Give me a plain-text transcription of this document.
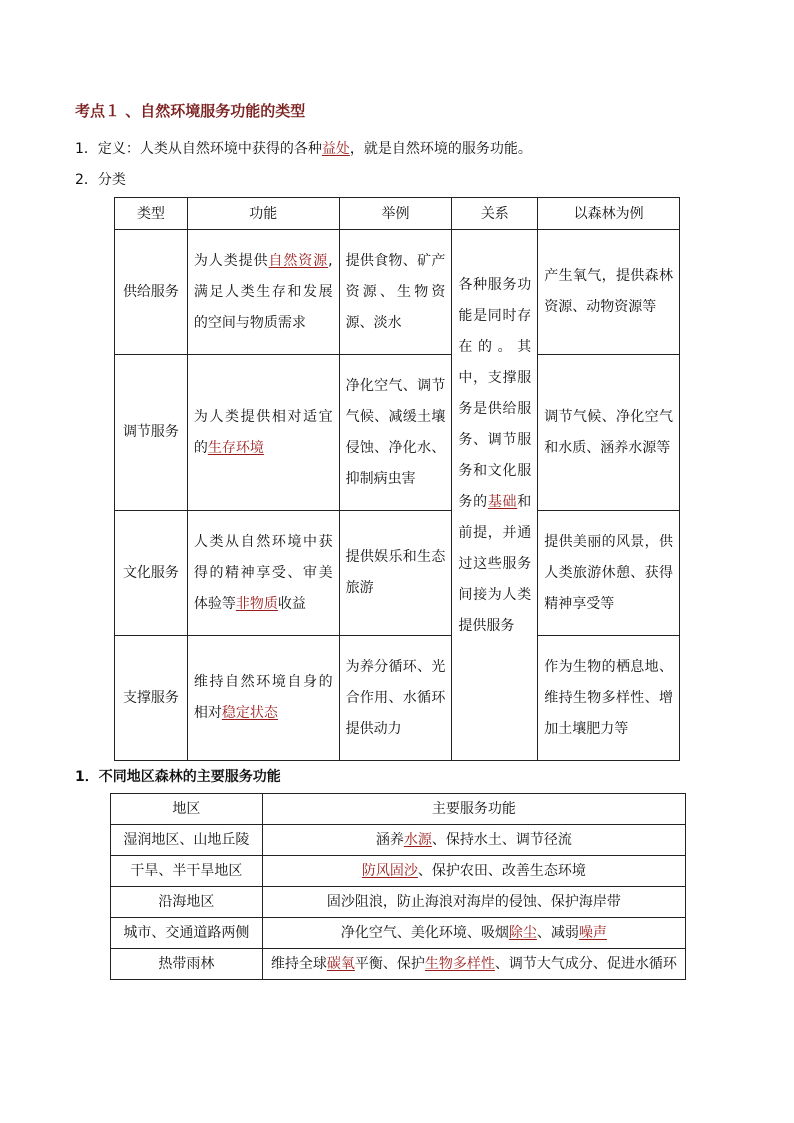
考点１ 、自然环境服务功能的类型
1．定义：人类从自然环境中获得的各种益处，就是自然环境的服务功能。
2．分类
类型	功能	举例	关系	以森林为例
供给服务	为人类提供自然资源,满足人类生存和发展的空间与物质需求	提供食物、矿产资源、生物资源、淡水	各种服务功能是同时存在的。其中，支撑服务是供给服务、调节服务和文化服务的基础和前提，并通过这些服务间接为人类提供服务	产生氧气，提供森林资源、动物资源等
调节服务	为人类提供相对适宜的生存环境	净化空气、调节气候、减缓土壤侵蚀、净化水、抑制病虫害		调节气候、净化空气和水质、涵养水源等
文化服务	人类从自然环境中获得的精神享受、审美体验等非物质收益	提供娱乐和生态旅游		提供美丽的风景，供人类旅游休憩、获得精神享受等
支撑服务	维持自然环境自身的相对稳定状态	为养分循环、光合作用、水循环提供动力		作为生物的栖息地、维持生物多样性、增加土壤肥力等
1．不同地区森林的主要服务功能
地区	主要服务功能
湿润地区、山地丘陵	涵养水源、保持水土、调节径流
干旱、半干旱地区	防风固沙、保护农田、改善生态环境
沿海地区	固沙阻浪，防止海浪对海岸的侵蚀、保护海岸带
城市、交通道路两侧	净化空气、美化环境、吸烟除尘、减弱噪声
热带雨林	维持全球碳氧平衡、保护生物多样性、调节大气成分、促进水循环
